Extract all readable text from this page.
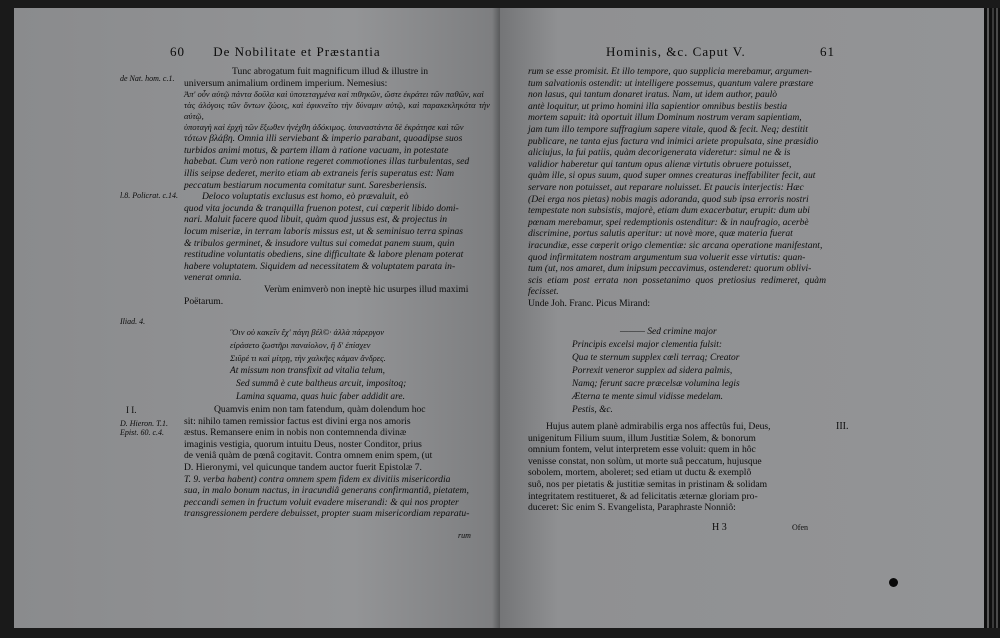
60 De Nobilitate et Præstantia
de Nat. hom. c.1.
l.8. Policrat. c.14.
Iliad. 4.
I I.
D. Hieron. T.1. Epist. 60. c.4.

Tunc abrogatum fuit magnificum illud & illustre in

universum animalium ordinem imperium. Nemesius:

Ἀπ' οὖν αὐτῷ πάντα δοῦλα καὶ ὑποτεταγμένα καὶ πιθηκῶν, ὥστε ἐκράτει τῶν παθῶν, καὶ

τὰς ἀλόγοις τῶν ὄντων ζώοις, καὶ ἐφικνεῖτο τὴν δύναμιν αὐτῷ, καὶ παρακεκληκότα τὴν αὐτῷ,

ὑποταγὴ καὶ ἐρχὴ τῶν ἔξωθεν ἠνέχθη ἀδόκιμος. ὑπαναστάντα δὲ ἐκράτησε καὶ τῶν

τότων βλάβη. Omnia illi serviebant & imperio parabant, quoadipse suos

turbidos animi motus, & partem illam à ratione vacuam, in potestate

habebat. Cum verò non ratione regeret commotiones illas turbulentas, sed

illis seipse dederet, merito etiam ab extraneis feris superatus est: Nam

peccatum bestiarum nocumenta comitatur sunt. Saresberiensis.

Deloco voluptatis exclusus est homo, eò prævaluit, eò

quod vita jocunda & tranquilla fruenon potest, cui cœperit libido domi-

nari. Maluit facere quod libuit, quàm quod jussus est, & projectus in

locum miseriæ, in terram laboris missus est, ut & seminisuo terra spinas

& tribulos germinet, & insudore vultus sui comedat panem suum, quin

restitudine voluntatis obediens, sine difficultate & labore plenam poterat

habere voluptatem. Siquidem ad necessitatem & voluptatem parata in-

venerat omnia.

Verùm enimverò non ineptè hic usurpes illud maximi

Poëtarum.

Ὃιν οὐ κακεῖν ἔχ' πάγη βέλ©· ἀλλὰ πάρεργον
εἰράσετο ζωστῆρι παναίολον, ἢ δ' ἐπίσχεν
Σιῦρέ τι καὶ μίτρῃ, τὴν χαλκῆες κάμαν ἄνδρες.
At missum non transfixit ad vitalia telum,
Sed summâ è cute baltheus arcuit, impositoq;
Lamina squama, quas huic faber addidit are.

Quamvis enim non tam fatendum, quàm dolendum hoc

sit: nihilo tamen remissior factus est divini erga nos amoris

æstus. Remansere enim in nobis non contemnenda divinæ

imaginis vestigia, quorum intuitu Deus, noster Conditor, prius

de veniâ quàm de pœnâ cogitavit. Contra omnem enim spem, (ut

D. Hieronymi, vel quicunque tandem auctor fuerit Epistolæ 7.

T. 9. verba habent) contra omnem spem fidem ex divitiis misericordia

sua, in malo bonum nactus, in iracundiâ generans confirmantiâ, pietatem,

peccandi semen in fructum voluit evadere miserandi: & qui nos propter

transgressionem perdere debuisset, propter suam misericordiam reparatu-

rum
Hominis, &c. Caput V.	61

rum se esse promisit. Et illo tempore, quo supplicia merebamur, argumen-

tum salvationis ostendit: ut intelligere possemus, quantum valere præstare

non lasus, qui tantum donaret iratus. Nam, ut idem author, paulò

antè loquitur, ut primo homini illa sapientior omnibus bestiis bestia

mortem sapuit: ità oportuit illum Dominum nostrum veram sapientiam,

jam tum illo tempore suffragium sapere vitale, quod & fecit. Neq; destitit

publicare, ne tanta ejus factura vnd inimici ariete propulsata, sine præsidio

aliciujus, la fui patiis, quàm decorigenerata videretur: simul ne & is

validior haberetur qui tantum opus alienæ virtutis obruere potuisset,

quàm ille, si opus suum, quod super omnes creaturas ineffabiliter fecit, aut

servare non potuisset, aut reparare noluisset. Et paucis interjectis: Hæc

(Dei erga nos pietas) nobis magis adoranda, quod sub ipsa erroris nostri

tempestate non subsistis, majorè, etiam dum exacerbatur, erupit: dum ubi

pœnam merebamur, spei redemptionis ostenditur: & in naufragio, acerbè

discrimine, portus salutis aperitur: ut novè more, quæ materia fuerat

iracundiæ, esse cœperit origo clementiæ: sic arcana operatione manifestant,

quod infirmitatem nostram argumentum sua voluerit esse virtutis: quan-

tum (ut, nos amaret, dum inipsum peccavimus, ostenderet: quorum oblivi-

scis etiam post errata non possetanimo quos pretiosius redimeret, quàm fecisset.

Unde Joh. Franc. Picus Mirand:

——— Sed crimine major
Principis excelsi major clementia fulsit:
Qua te sternum supplex cœli terraq; Creator
Porrexit veneror supplex ad sidera palmis,
Namq; ferunt sacre præcelsæ volumina legis
Æterna te mente simul vidisse medelam.
Pestis, &c.

Hujus autem planè admirabilis erga nos affectûs fui, Deus,

unigenitum Filium suum, illum Justitiæ Solem, & bonorum

omnium fontem, velut interpretem esse voluit: quem in hôc

venisse constat, non solùm, ut morte suâ peccatum, hujusque

sobolem, mortem, aboleret; sed etiam ut ductu & exemplô

suô, nos per pietatis & justitiæ semitas in pristinam & solidam

integritatem restitueret, & ad felicitatis æternæ gloriam pro-

duceret: Sic enim S. Evangelista, Paraphraste Nonniô:

III.
H 3	Ofen
